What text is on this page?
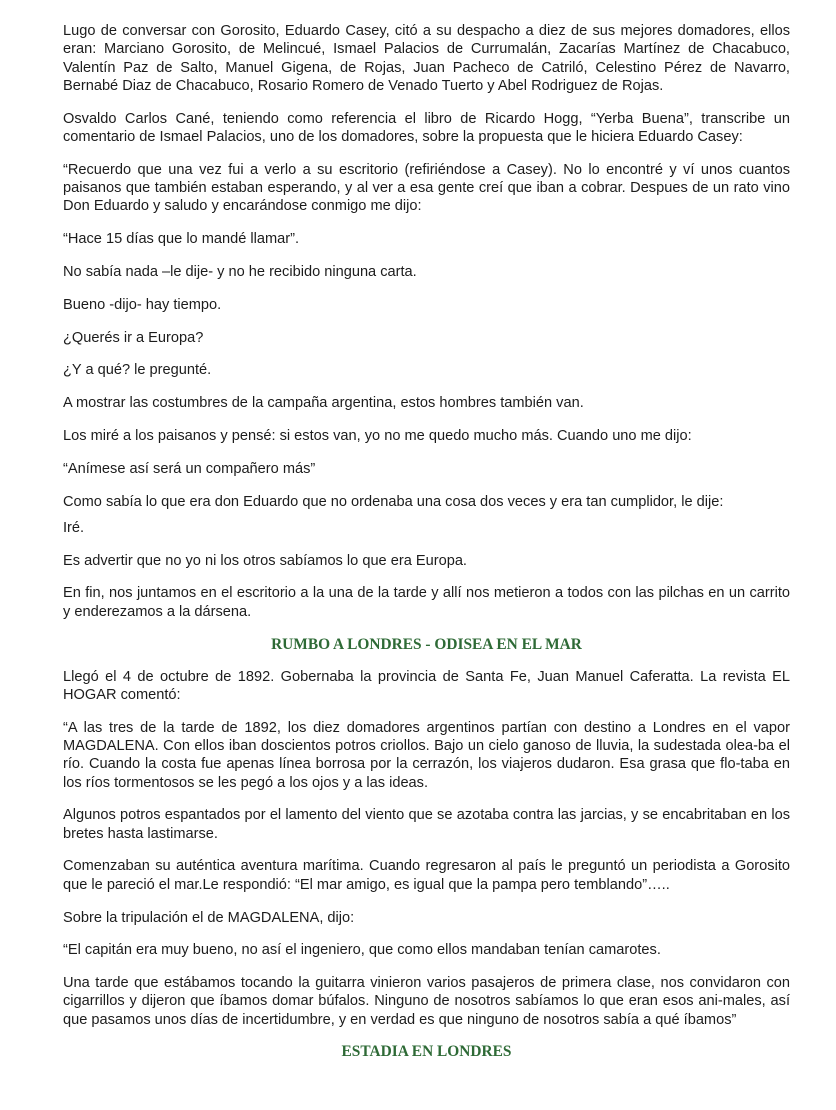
Lugo de conversar con Gorosito, Eduardo Casey, citó a su despacho a diez de sus mejores domadores, ellos eran: Marciano Gorosito, de Melincué, Ismael Palacios de Currumalán, Zacarías Martínez de Chacabuco, Valentín Paz de Salto, Manuel Gigena, de Rojas, Juan Pacheco de Catriló, Celestino Pérez de Navarro, Bernabé Diaz de Chacabuco, Rosario Romero de Venado Tuerto y Abel Rodriguez de Rojas.

Osvaldo Carlos Cané, teniendo como referencia el libro de Ricardo Hogg, “Yerba Buena”, transcribe un comentario de Ismael Palacios, uno de los domadores, sobre la propuesta que le hiciera Eduardo Casey:

“Recuerdo que una vez fui a verlo a su escritorio (refiriéndose a Casey). No lo encontré y ví unos cuantos paisanos que también estaban esperando, y al ver a esa gente creí que iban a cobrar. Despues de un rato vino Don Eduardo y saludo y encarándose conmigo me dijo:

“Hace 15 días que lo mandé llamar”.

No sabía nada –le dije- y no he recibido ninguna carta.

Bueno -dijo- hay tiempo.

¿Querés ir a Europa?

¿Y a qué? le pregunté.

A mostrar las costumbres de la campaña argentina, estos hombres también van.

Los miré a los paisanos y pensé: si estos van, yo no me quedo mucho más. Cuando uno me dijo:

“Anímese así será un compañero más”

Como sabía lo que era don Eduardo que no ordenaba una cosa dos veces y era tan cumplidor, le dije:

Iré.

Es advertir que no yo ni los otros sabíamos lo que era Europa.

En fin, nos juntamos en el escritorio a la una de la tarde y allí nos metieron a todos con las pilchas en un carrito y enderezamos a la dársena.

RUMBO A LONDRES - ODISEA EN EL MAR

Llegó el 4 de octubre de 1892. Gobernaba la provincia de Santa Fe, Juan Manuel Caferatta. La revista EL HOGAR comentó:

“A las tres de la tarde de 1892, los diez domadores argentinos partían con destino a Londres en el vapor MAGDALENA. Con ellos iban doscientos potros criollos. Bajo un cielo ganoso de lluvia, la sudestada olea-ba el río. Cuando la costa fue apenas línea borrosa por la cerrazón, los viajeros dudaron. Esa grasa que flo-taba en los ríos tormentosos se les pegó a los ojos y a las ideas.

Algunos potros espantados por el lamento del viento que se azotaba contra las jarcias, y se encabritaban en los bretes hasta lastimarse.

Comenzaban su auténtica aventura marítima. Cuando regresaron al país le preguntó un periodista a Gorosito que le pareció el mar.Le respondió: “El mar amigo, es igual que la pampa pero temblando”…..

Sobre la tripulación el de MAGDALENA, dijo:

“El capitán era muy bueno, no así el ingeniero, que como ellos mandaban tenían camarotes.

Una tarde que estábamos tocando la guitarra vinieron varios pasajeros de primera clase, nos convidaron con cigarrillos y dijeron que íbamos domar búfalos. Ninguno de nosotros sabíamos lo que eran esos ani-males, así que pasamos unos días de incertidumbre, y en verdad es que ninguno de nosotros sabía a qué íbamos”

ESTADIA EN LONDRES
